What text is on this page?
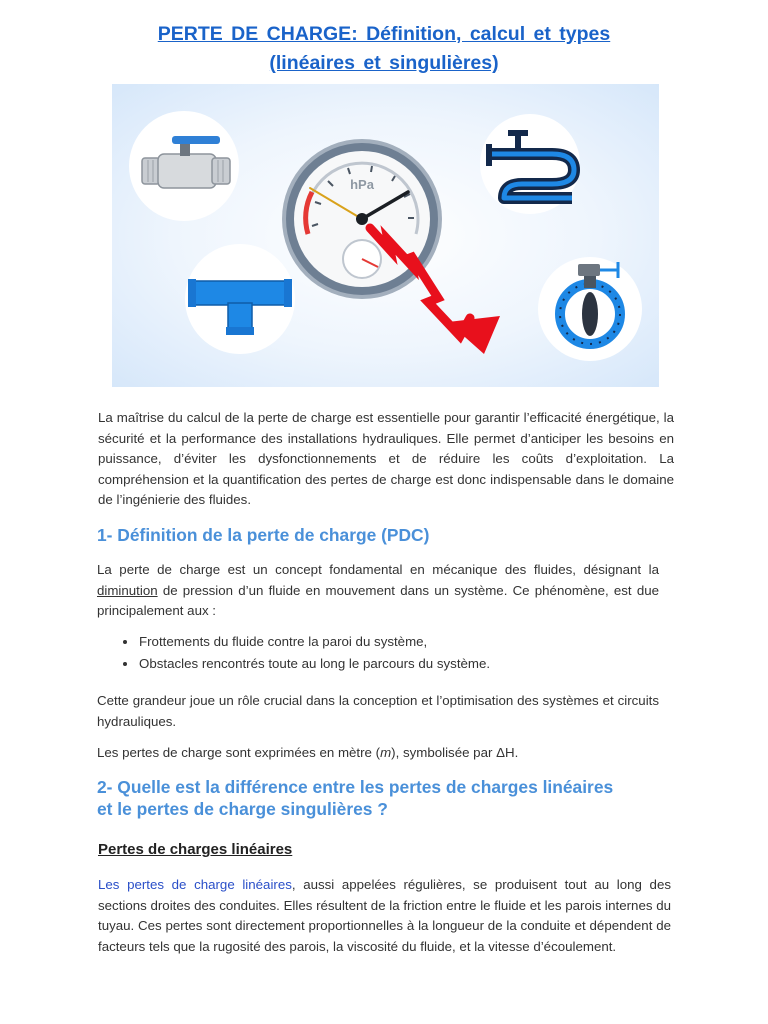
PERTE DE CHARGE: Définition, calcul et types
(linéaires et singulières)
hPa

La maîtrise du calcul de la perte de charge est essentielle pour garantir l’efficacité énergétique, la sécurité et la performance des installations hydrauliques. Elle permet d’anticiper les besoins en puissance, d’éviter les dysfonctionnements et de réduire les coûts d’exploitation. La compréhension et la quantification des pertes de charge est donc indispensable dans le domaine de l’ingénierie des fluides.

1- Définition de la perte de charge (PDC)

La perte de charge est un concept fondamental en mécanique des fluides, désignant la diminution de pression d’un fluide en mouvement dans un système. Ce phénomène, est due principalement aux :

Frottements du fluide contre la paroi du système,
Obstacles rencontrés toute au long le parcours du système.

Cette grandeur joue un rôle crucial dans la conception et l’optimisation des systèmes et circuits hydrauliques.

Les pertes de charge sont exprimées en mètre (m), symbolisée par ΔH.

2- Quelle est la différence entre les pertes de charges linéaires
et le pertes de charge singulières ?
Pertes de charges linéaires

Les pertes de charge linéaires, aussi appelées régulières, se produisent tout au long des sections droites des conduites. Elles résultent de la friction entre le fluide et les parois internes du tuyau. Ces pertes sont directement proportionnelles à la longueur de la conduite et dépendent de facteurs tels que la rugosité des parois, la viscosité du fluide, et la vitesse d’écoulement.
